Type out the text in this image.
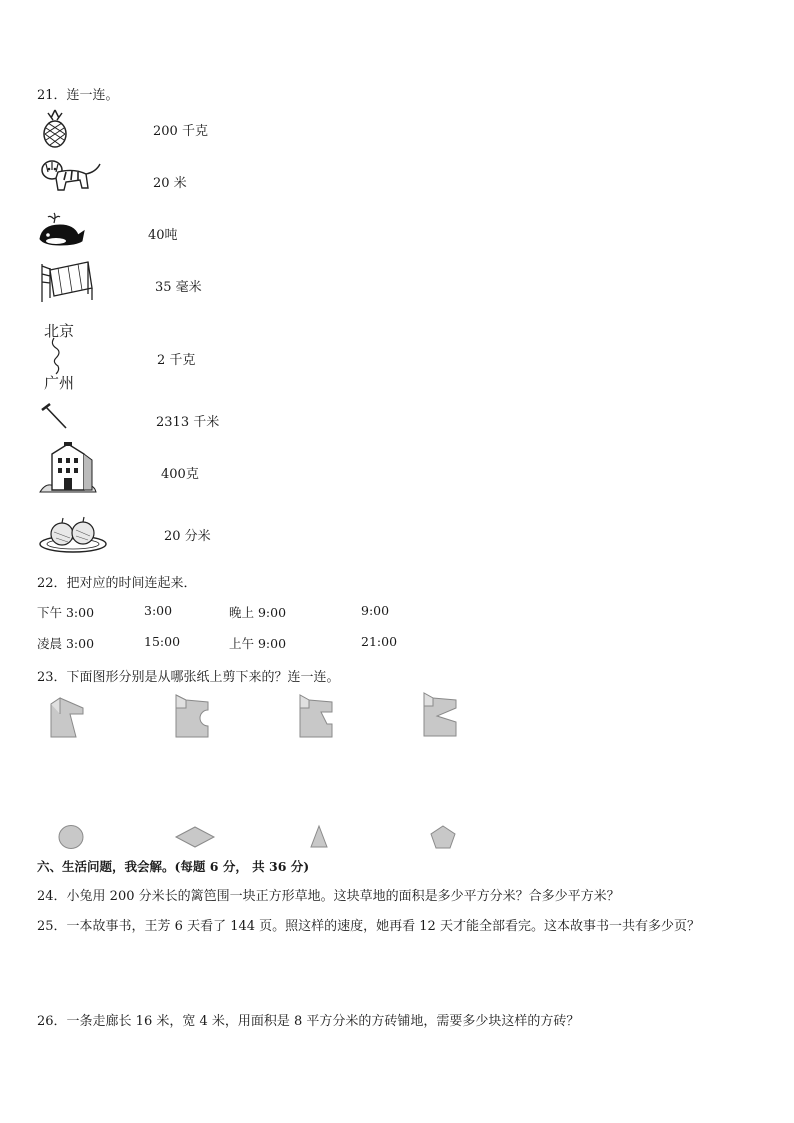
21．连一连。
200 千克
20 米
40吨
35 毫米
北京
广州
2 千克
2313 千米
400克
20 分米
22．把对应的时间连起来．
下午 3:00	3:00	晚上 9:00	9:00
凌晨 3:00	15:00	上午 9:00	21:00
23．下面图形分别是从哪张纸上剪下来的？连一连。
六、生活问题，我会解。(每题 6 分， 共 36 分)
24．小兔用 200 分米长的篱笆围一块正方形草地。这块草地的面积是多少平方分米？合多少平方米？
25．一本故事书，王芳 6 天看了 144 页。照这样的速度，她再看 12 天才能全部看完。这本故事书一共有多少页？
26．一条走廊长 16 米，宽 4 米，用面积是 8 平方分米的方砖铺地，需要多少块这样的方砖？
